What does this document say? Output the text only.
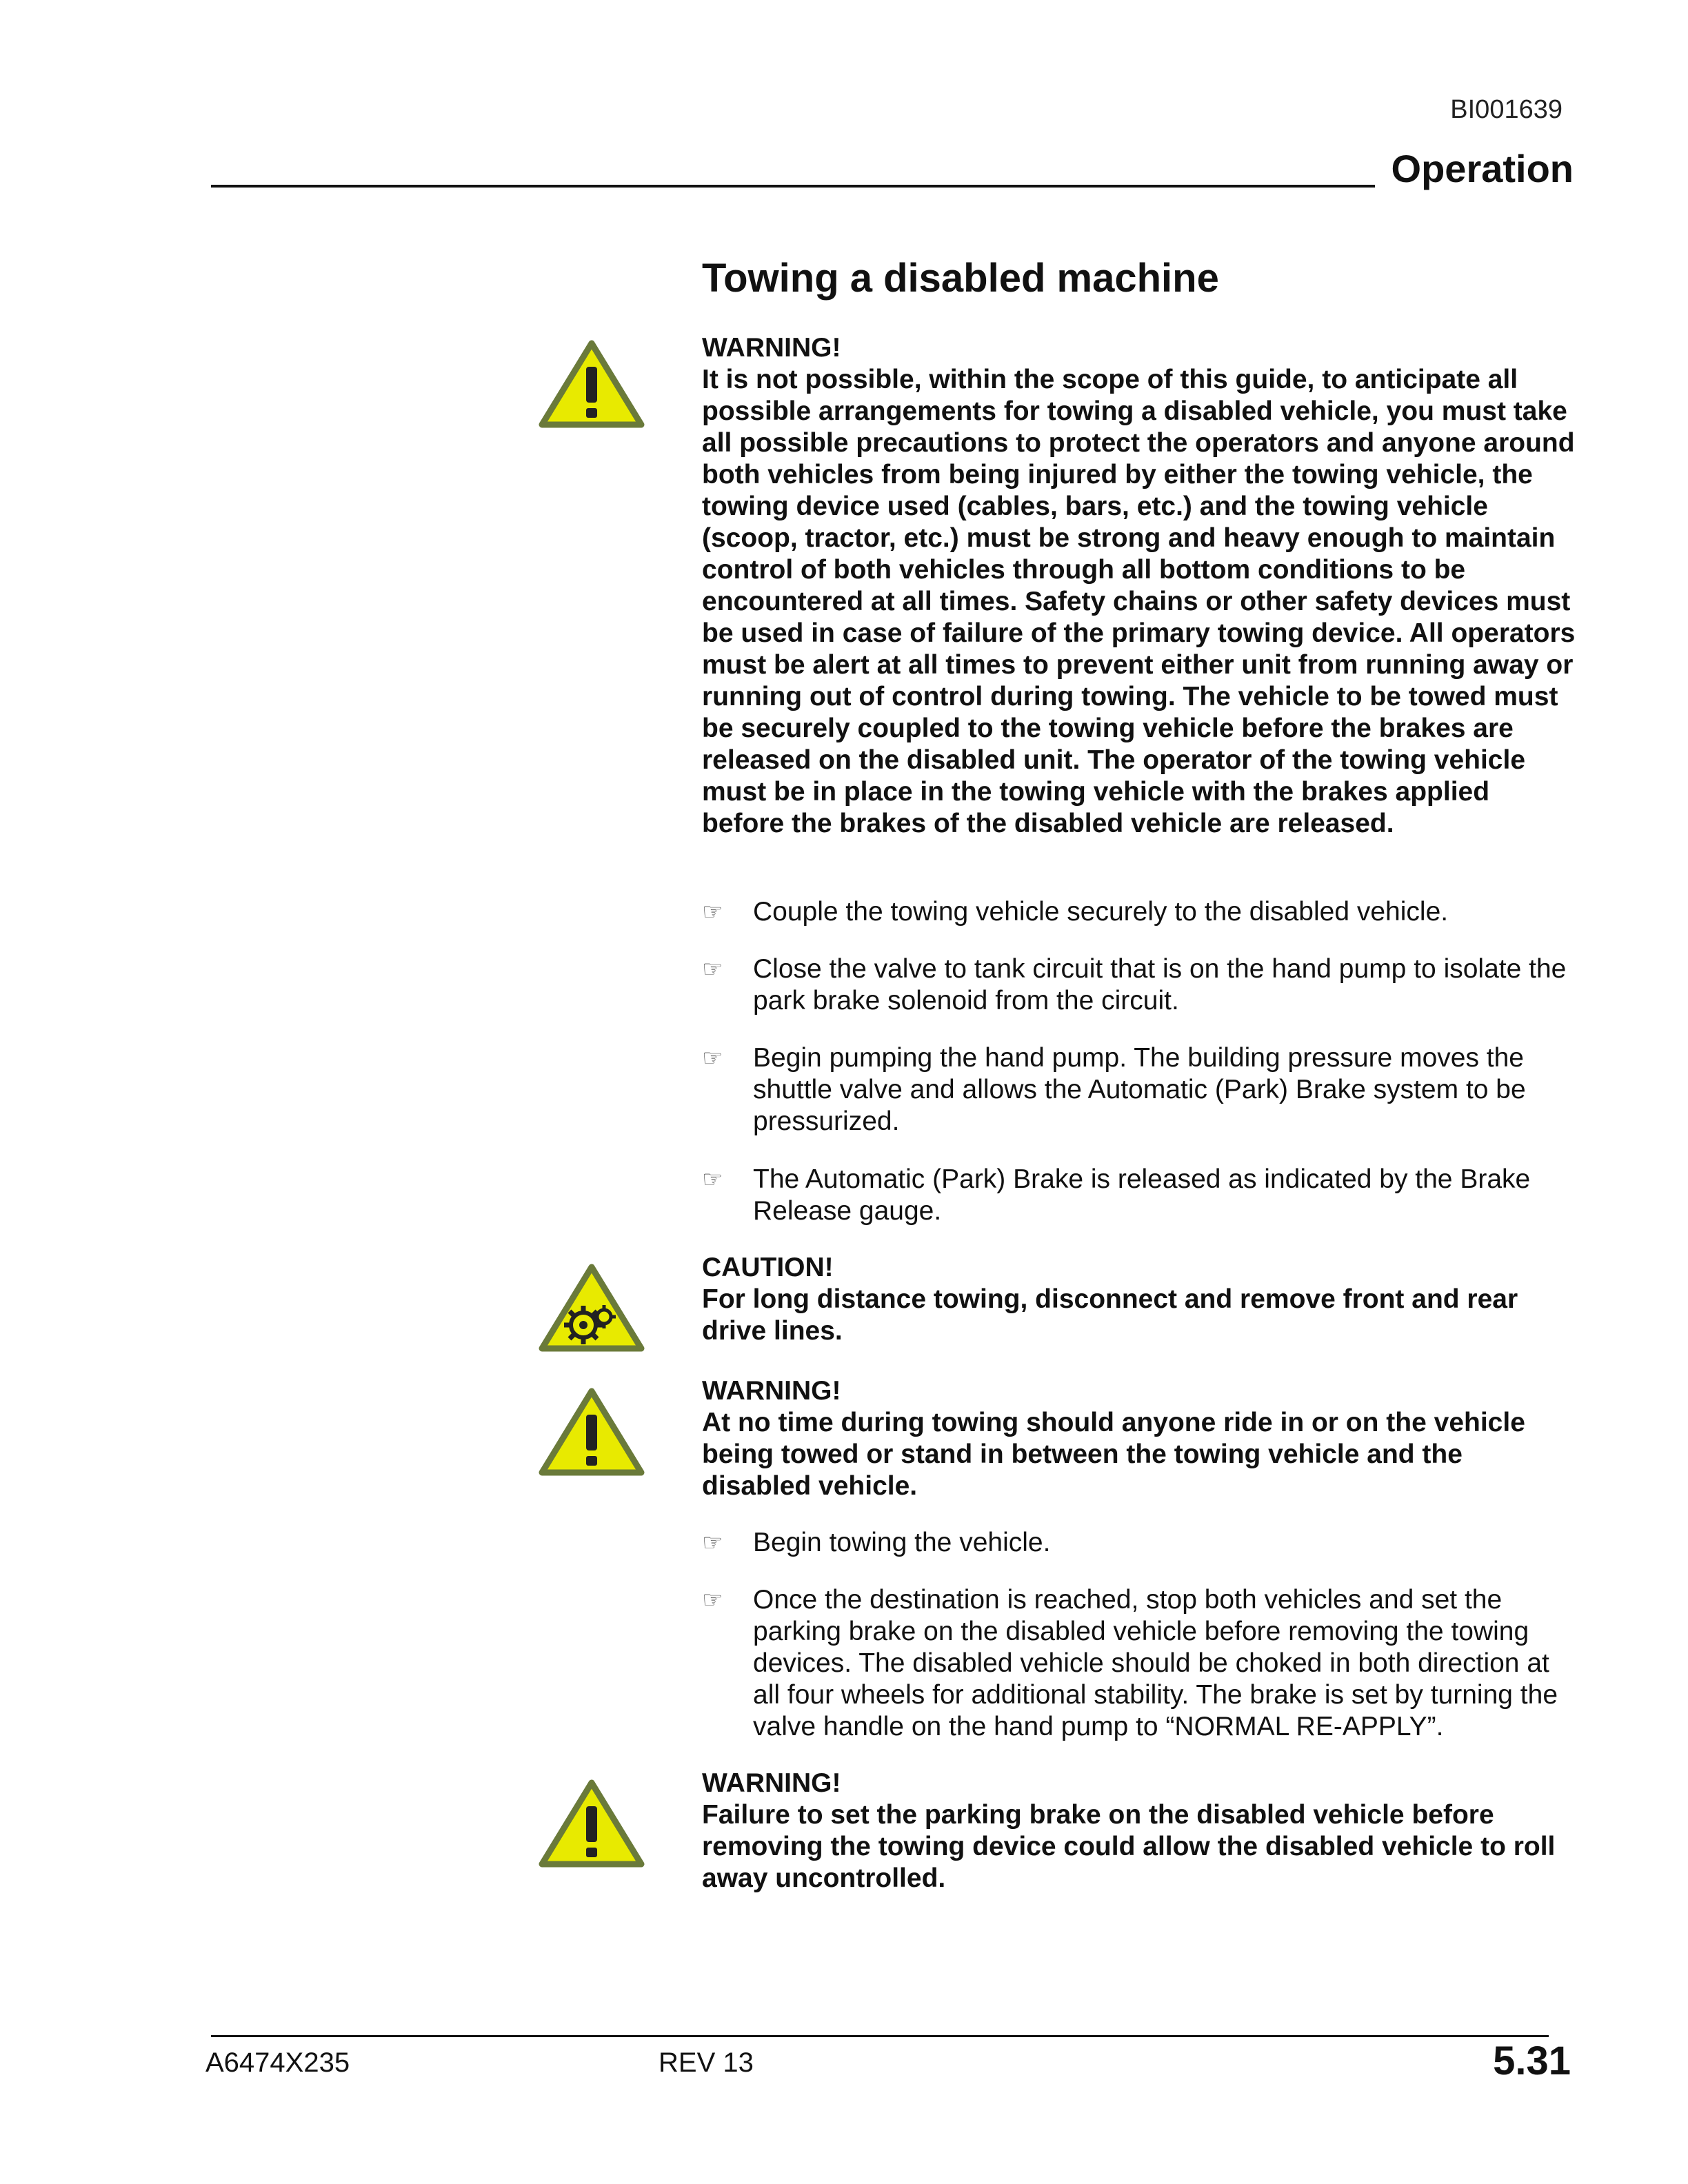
BI001639
Operation
Towing a disabled machine
WARNING!

It is not possible, within the scope of this guide, to anticipate all possible arrangements for towing a disabled vehicle, you must take all possible precautions to protect the operators and anyone around both vehicles from being injured by either the towing vehicle, the towing device used (cables, bars, etc.) and the towing vehicle (scoop, tractor, etc.) must be strong and heavy enough to maintain control of both vehicles through all bottom conditions to be encountered at all times. Safety chains or other safety devices must be used in case of failure of the primary towing device. All operators must be alert at all times to prevent either unit from running away or running out of control during towing. The vehicle to be towed must be securely coupled to the towing vehicle before the brakes are released on the disabled unit. The operator of the towing vehicle must be in place in the towing vehicle with the brakes applied before the brakes of the disabled vehicle are released.

☞ Couple the towing vehicle securely to the disabled vehicle.
☞ Close the valve to tank circuit that is on the hand pump to isolate the park brake solenoid from the circuit.
☞ Begin pumping the hand pump. The building pressure moves the shuttle valve and allows the Automatic (Park) Brake system to be pressurized.
☞ The Automatic (Park) Brake is released as indicated by the Brake Release gauge.
CAUTION!

For long distance towing, disconnect and remove front and rear drive lines.

WARNING!

At no time during towing should anyone ride in or on the vehicle being towed or stand in between the towing vehicle and the disabled vehicle.

☞ Begin towing the vehicle.
☞ Once the destination is reached, stop both vehicles and set the parking brake on the disabled vehicle before removing the towing devices. The disabled vehicle should be choked in both direction at all four wheels for additional stability. The brake is set by turning the valve handle on the hand pump to “NORMAL RE-APPLY”.
WARNING!

Failure to set the parking brake on the disabled vehicle before removing the towing device could allow the disabled vehicle to roll away uncontrolled.

A6474X235	REV 13	5.31
